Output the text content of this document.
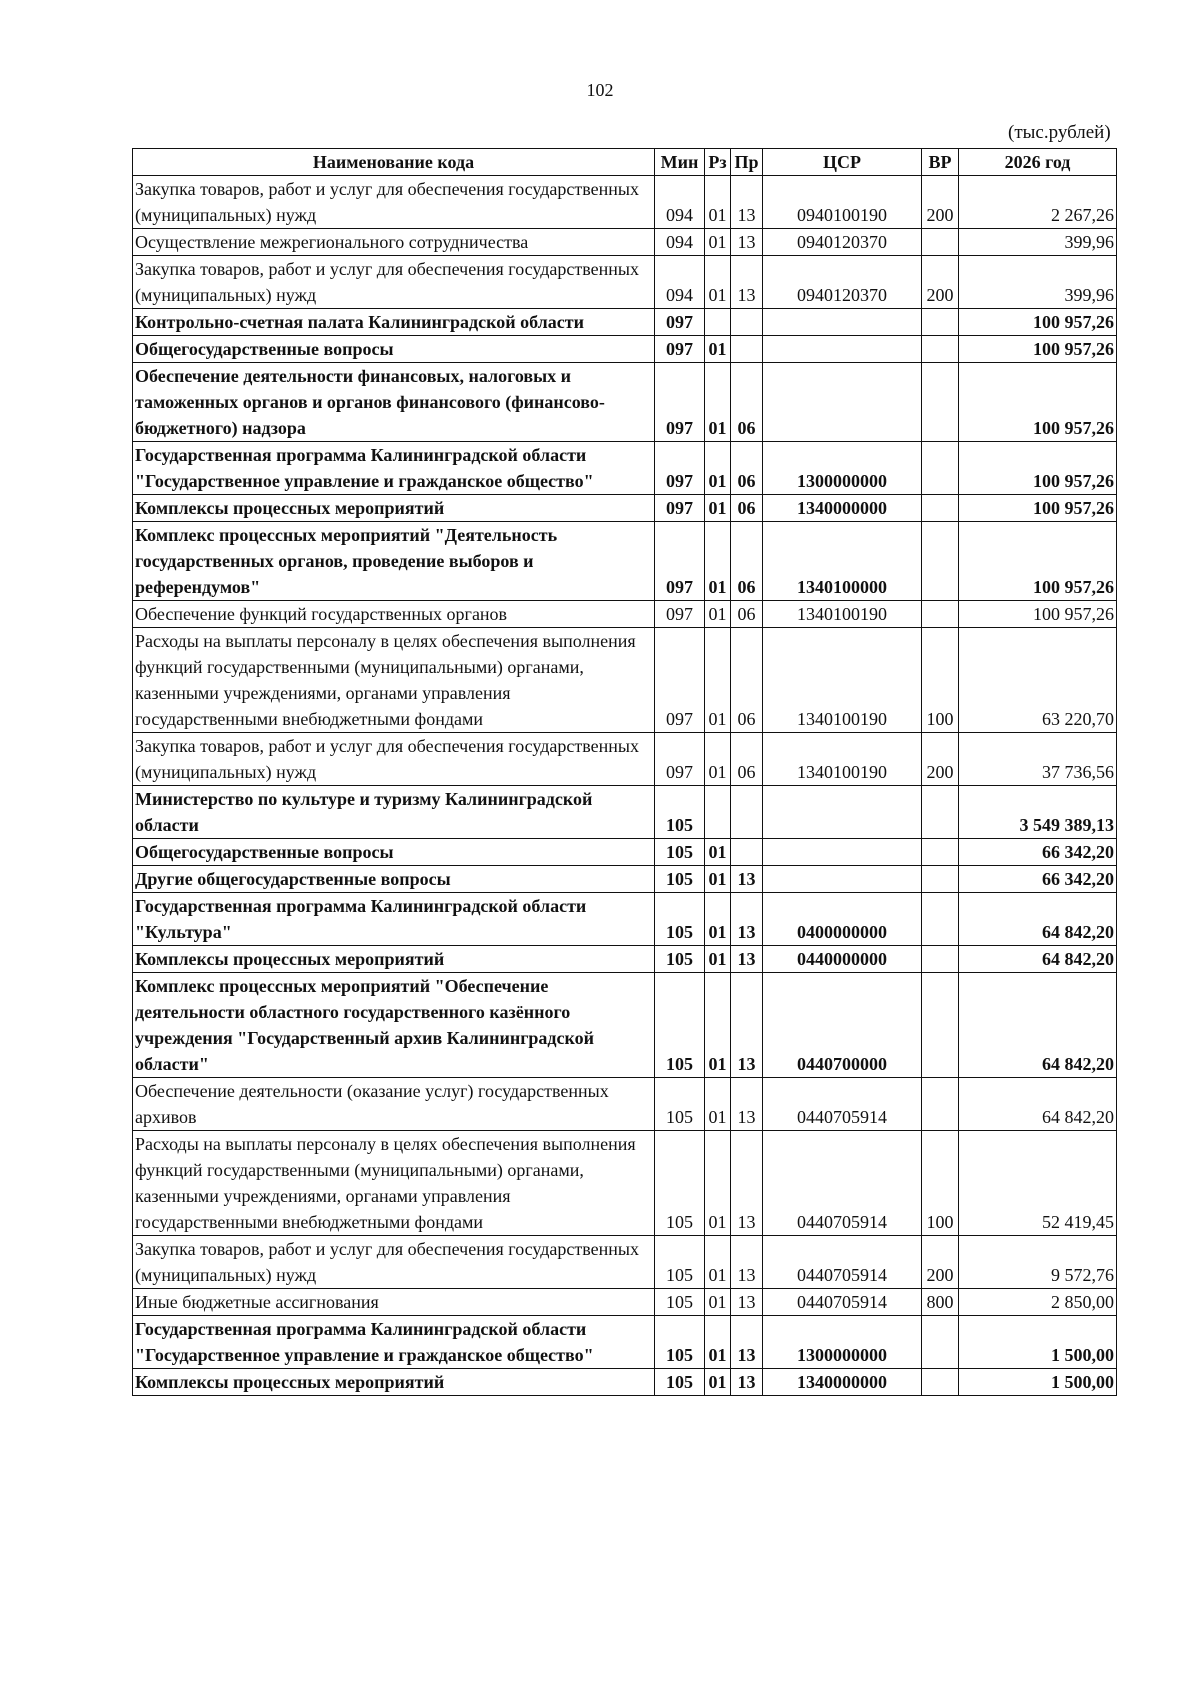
102
(тыс.рублей)
Наименование кода	Мин	Рз	Пр	ЦСР	ВР	2026 год
Закупка товаров, работ и услуг для обеспечения государственных (муниципальных) нужд	094	01	13	0940100190	200	2 267,26
Осуществление межрегионального сотрудничества	094	01	13	0940120370		399,96
Закупка товаров, работ и услуг для обеспечения государственных (муниципальных) нужд	094	01	13	0940120370	200	399,96
Контрольно-счетная палата Калининградской области	097					100 957,26
Общегосударственные вопросы	097	01				100 957,26
Обеспечение деятельности финансовых, налоговых и таможенных органов и органов финансового (финансово-бюджетного) надзора	097	01	06			100 957,26
Государственная программа Калининградской области "Государственное управление и гражданское общество"	097	01	06	1300000000		100 957,26
Комплексы процессных мероприятий	097	01	06	1340000000		100 957,26
Комплекс процессных мероприятий "Деятельность государственных органов, проведение выборов и референдумов"	097	01	06	1340100000		100 957,26
Обеспечение функций государственных органов	097	01	06	1340100190		100 957,26
Расходы на выплаты персоналу в целях обеспечения выполнения функций государственными (муниципальными) органами, казенными учреждениями, органами управления государственными внебюджетными фондами	097	01	06	1340100190	100	63 220,70
Закупка товаров, работ и услуг для обеспечения государственных (муниципальных) нужд	097	01	06	1340100190	200	37 736,56
Министерство по культуре и туризму Калининградской области	105					3 549 389,13
Общегосударственные вопросы	105	01				66 342,20
Другие общегосударственные вопросы	105	01	13			66 342,20
Государственная программа Калининградской области "Культура"	105	01	13	0400000000		64 842,20
Комплексы процессных мероприятий	105	01	13	0440000000		64 842,20
Комплекс процессных мероприятий "Обеспечение деятельности областного государственного казённого учреждения "Государственный архив Калининградской области"	105	01	13	0440700000		64 842,20
Обеспечение деятельности (оказание услуг) государственных архивов	105	01	13	0440705914		64 842,20
Расходы на выплаты персоналу в целях обеспечения выполнения функций государственными (муниципальными) органами, казенными учреждениями, органами управления государственными внебюджетными фондами	105	01	13	0440705914	100	52 419,45
Закупка товаров, работ и услуг для обеспечения государственных (муниципальных) нужд	105	01	13	0440705914	200	9 572,76
Иные бюджетные ассигнования	105	01	13	0440705914	800	2 850,00
Государственная программа Калининградской области "Государственное управление и гражданское общество"	105	01	13	1300000000		1 500,00
Комплексы процессных мероприятий	105	01	13	1340000000		1 500,00
